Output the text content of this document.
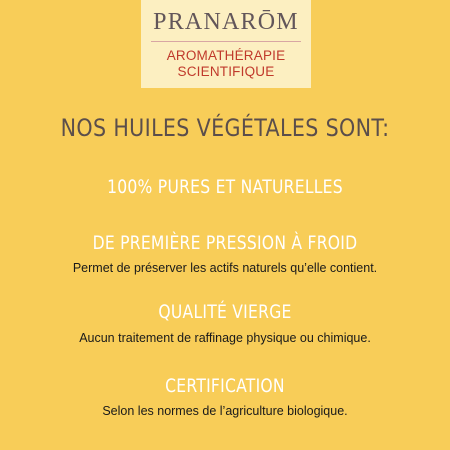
PRANARŌM
AROMATHÉRAPIE
SCIENTIFIQUE
NOS HUILES VÉGÉTALES SONT:
100% PURES ET NATURELLES
DE PREMIÈRE PRESSION À FROID
Permet de préserver les actifs naturels qu’elle contient.
QUALITÉ VIERGE
Aucun traitement de raffinage physique ou chimique.
CERTIFICATION
Selon les normes de l’agriculture biologique.
